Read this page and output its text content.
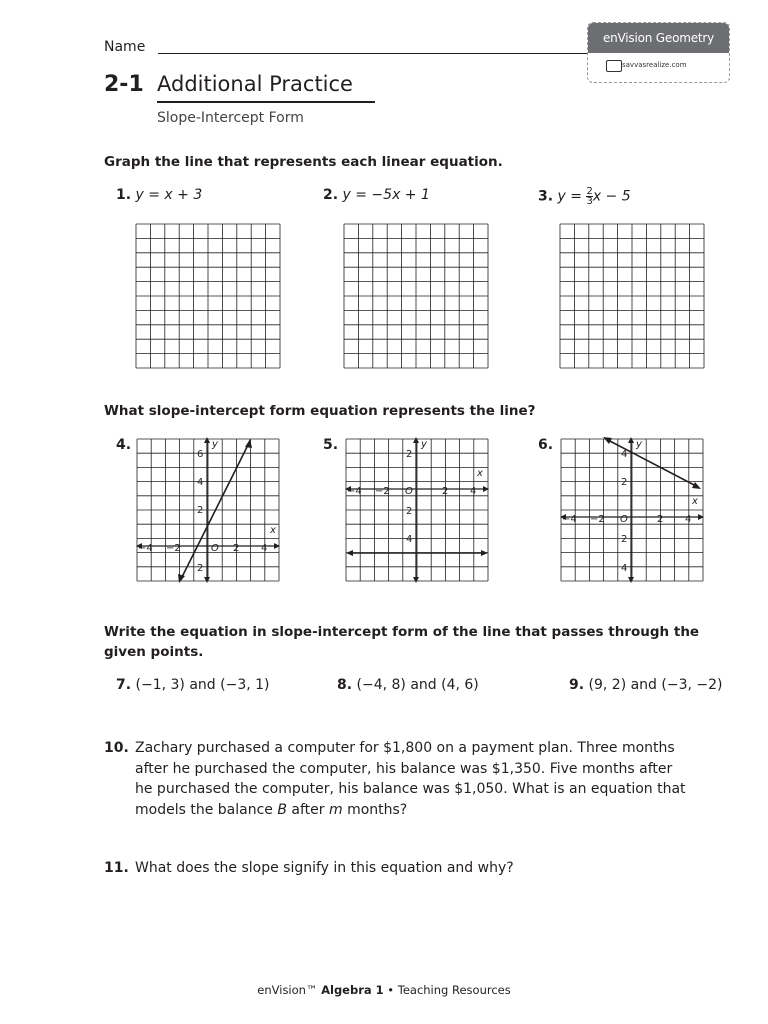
Name
enVision Geometry
savvasrealize.com
2-1 Additional Practice
Slope-Intercept Form
Graph the line that represents each linear equation.
1. y = x + 3	2. y = −5x + 1	3. $y = \frac{2}{3}$ x − 5
What slope-intercept form equation represents the line?
4.	5.	6.
x
y
O
−4 −2	2 4
6
4
2
2
x
y
O
−4 −2	2 4
2
2
4
x
y
O
−4 −2	2 4
4
2
2
4
Write the equation in slope-intercept form of the line that passes through the
given points.
7. (−1, 3) and (−3, 1)	8. (−4, 8) and (4, 6)	9. (9, 2) and (−3, −2)
10. Zachary purchased a computer for $1,800 on a payment plan. Three months
after he purchased the computer, his balance was $1,350. Five months after
he purchased the computer, his balance was $1,050. What is an equation that
models the balance B after m months?
11. What does the slope signify in this equation and why?
enVision™ Algebra 1 • Teaching Resources
